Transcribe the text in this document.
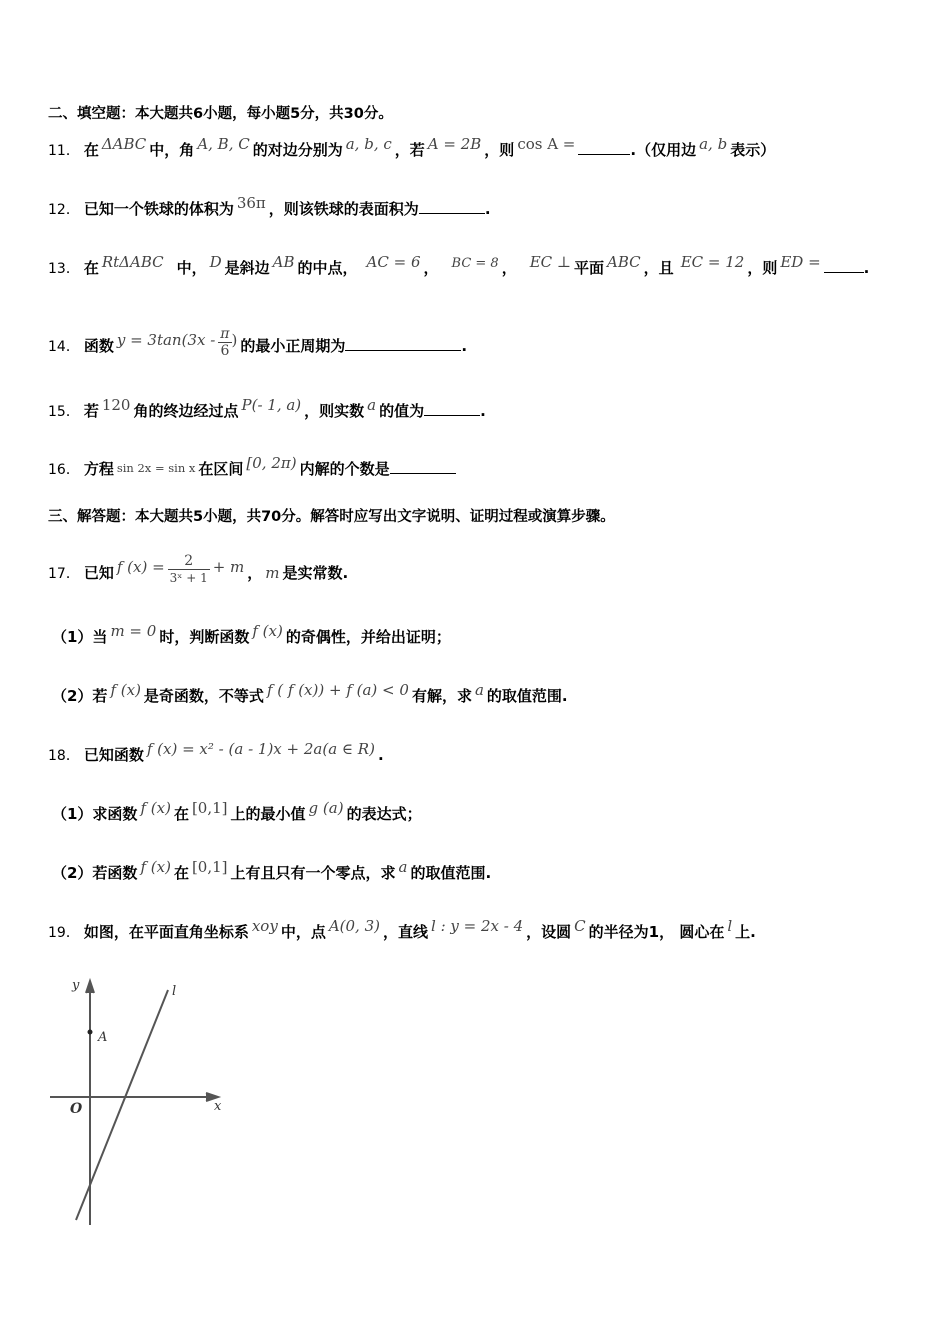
二、填空题：本大题共6小题，每小题5分，共30分。
11． 在 ΔABC 中，角 A, B, C 的对边分别为 a, b, c ，若 A = 2B ，则 cos A =	.（仅用边 a, b 表示）
12． 已知一个铁球的体积为 36π ，则该铁球的表面积为	.
13． 在 RtΔABC 中， D 是斜边 AB 的中点， AC = 6 ， BC = 8 ， EC ⊥ 平面 ABC ，且 EC = 12 ，则 ED =	.
14． 函数 $y = 3\tan(3x - \frac{\pi}{6}$ ) 的最小正周期为	.
15． 若 120 角的终边经过点 P(- 1, a) ，则实数 a 的值为	.
16． 方程 sin 2x = sin x 在区间 [0, 2π) 内解的个数是
三、解答题：本大题共5小题，共70分。解答时应写出文字说明、证明过程或演算步骤。
17． 已知 f $(x) = \frac{2}{\text{3ˣ + 1}} + m$ ， m 是实常数.
（1）当 m = 0 时，判断函数 f (x) 的奇偶性，并给出证明；
（2）若 f (x) 是奇函数，不等式 f ( f (x)) + f (a) < 0 有解，求 a 的取值范围.
18． 已知函数 f (x) = x² - (a - 1)x + 2a(a ∈ R) .
（1）求函数 f (x) 在 [0,1] 上的最小值 g (a) 的表达式；
（2）若函数 f (x) 在 [0,1] 上有且只有一个零点，求 a 的取值范围.
19． 如图，在平面直角坐标系 xoy 中，点 A(0, 3) ，直线 l : y = 2x - 4 ，设圆 C 的半径为1， 圆心在 l 上.
y
x
O
A
l
